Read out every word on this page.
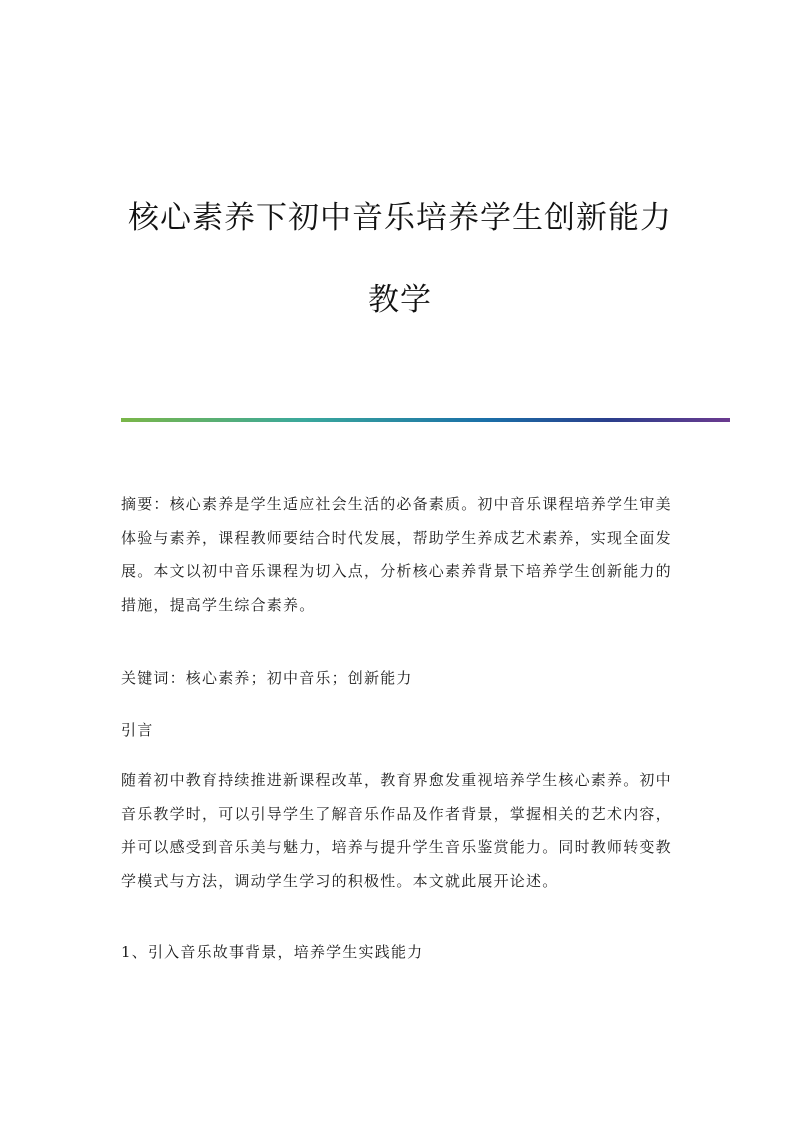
核心素养下初中音乐培养学生创新能力
教学

摘要：核心素养是学生适应社会生活的必备素质。初中音乐课程培养学生审美体验与素养，课程教师要结合时代发展，帮助学生养成艺术素养，实现全面发展。本文以初中音乐课程为切入点，分析核心素养背景下培养学生创新能力的措施，提高学生综合素养。

关键词：核心素养；初中音乐；创新能力

引言

随着初中教育持续推进新课程改革，教育界愈发重视培养学生核心素养。初中音乐教学时，可以引导学生了解音乐作品及作者背景，掌握相关的艺术内容，并可以感受到音乐美与魅力，培养与提升学生音乐鉴赏能力。同时教师转变教学模式与方法，调动学生学习的积极性。本文就此展开论述。

1、引入音乐故事背景，培养学生实践能力
